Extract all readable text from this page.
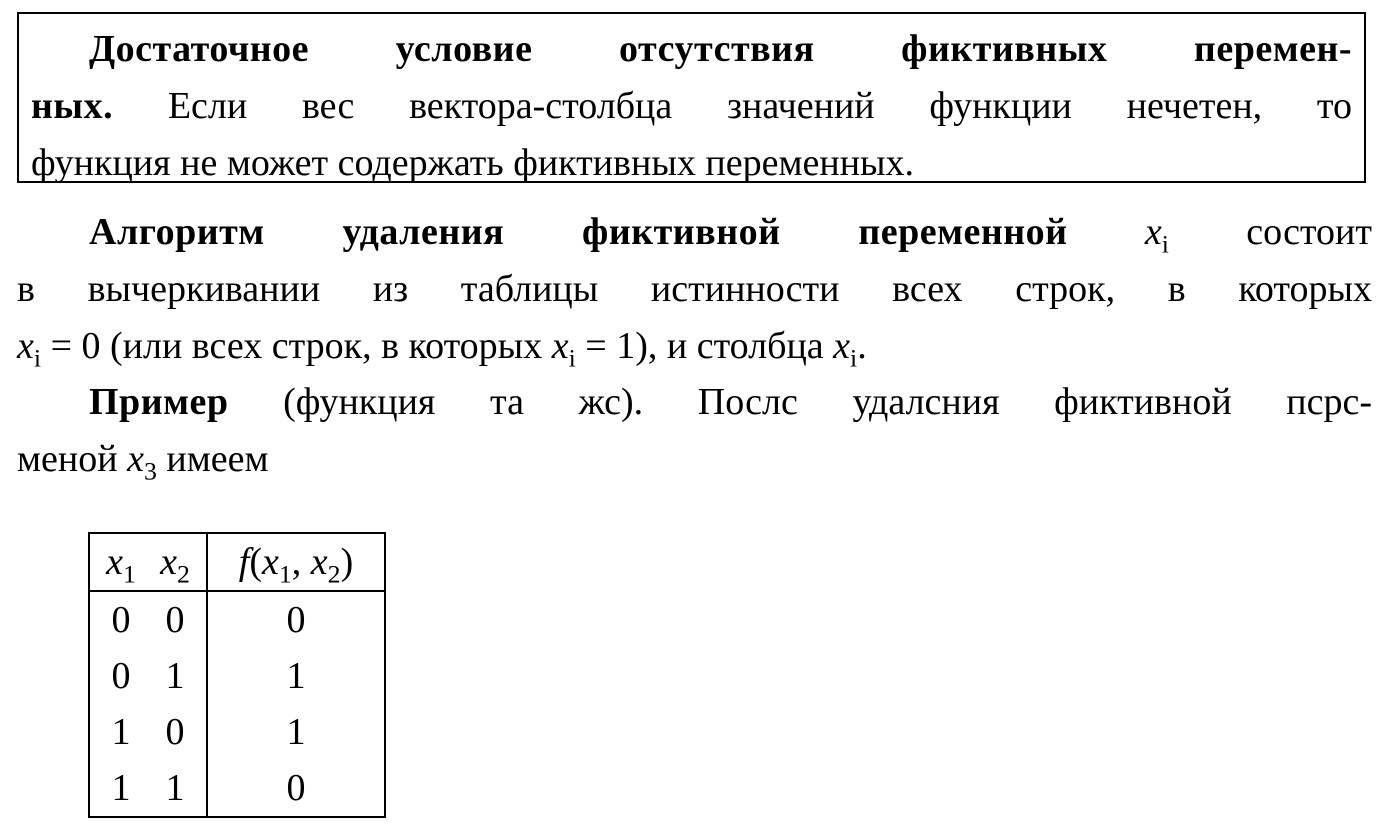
Достаточное условие отсутствия фиктивных перемен-
ных. Если вес вектора-столбца значений функции нечетен, то
функция не может содержать фиктивных переменных.
Алгоритм удаления фиктивной переменной $x_i$ состоит
в вычеркивании из таблицы истинности всех строк, в которых
$x_i = 0$ (или всех строк, в которых $x_i = 1$), и столбца $x_i$.
Пример (функция та жс). Послс удалсния фиктивной псрс-
меной $x_3$ имеем
$x_1$	$x_2$	$f(x_1$, $x_2$)
0	0	0
0	1	1
1	0	1
1	1	0
